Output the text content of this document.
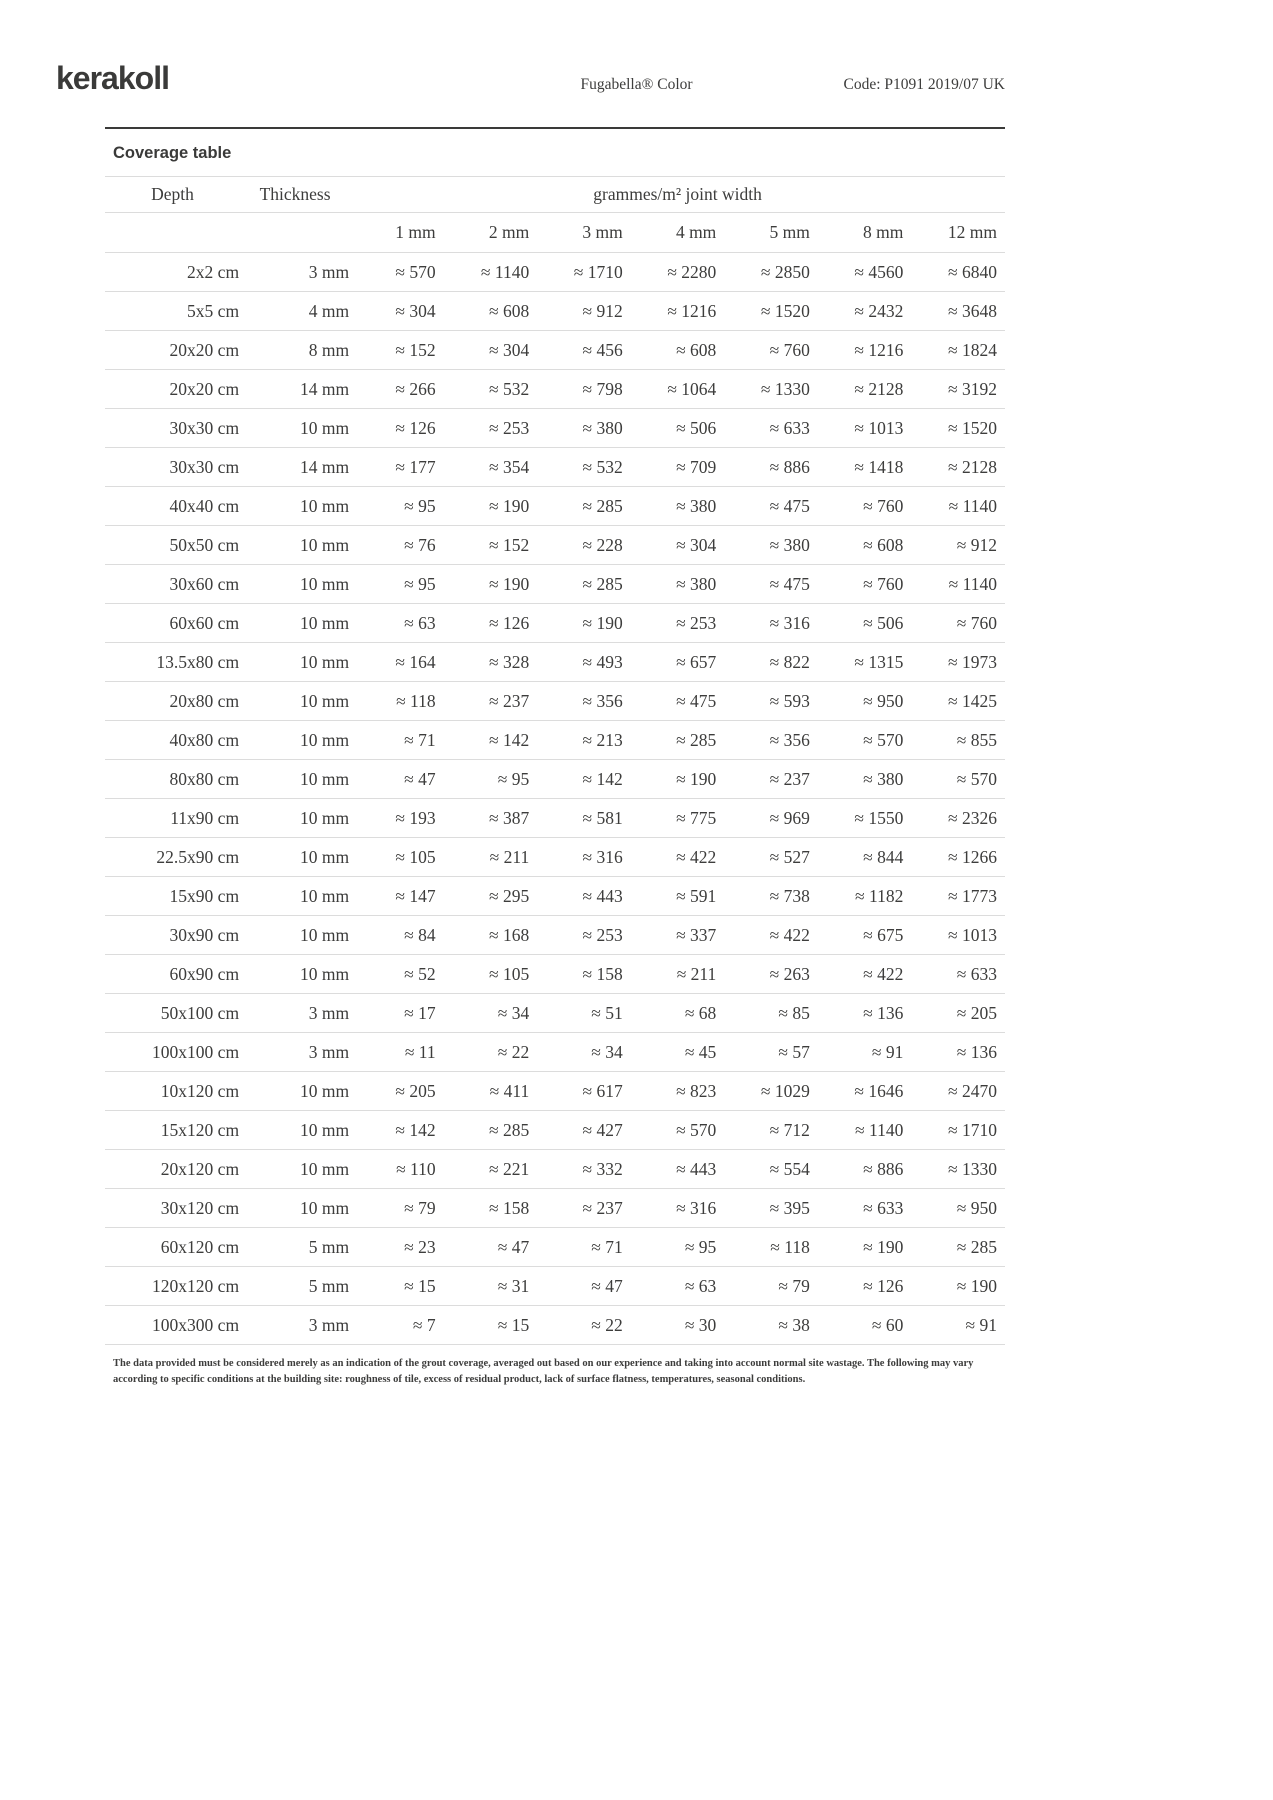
kerakoll	Fugabella® Color	Code: P1091 2019/07 UK
Coverage table
Depth	Thickness	grammes/m² joint width						
		1 mm	2 mm	3 mm	4 mm	5 mm	8 mm	12 mm
2x2 cm	3 mm	≈ 570	≈ 1140	≈ 1710	≈ 2280	≈ 2850	≈ 4560	≈ 6840
5x5 cm	4 mm	≈ 304	≈ 608	≈ 912	≈ 1216	≈ 1520	≈ 2432	≈ 3648
20x20 cm	8 mm	≈ 152	≈ 304	≈ 456	≈ 608	≈ 760	≈ 1216	≈ 1824
20x20 cm	14 mm	≈ 266	≈ 532	≈ 798	≈ 1064	≈ 1330	≈ 2128	≈ 3192
30x30 cm	10 mm	≈ 126	≈ 253	≈ 380	≈ 506	≈ 633	≈ 1013	≈ 1520
30x30 cm	14 mm	≈ 177	≈ 354	≈ 532	≈ 709	≈ 886	≈ 1418	≈ 2128
40x40 cm	10 mm	≈ 95	≈ 190	≈ 285	≈ 380	≈ 475	≈ 760	≈ 1140
50x50 cm	10 mm	≈ 76	≈ 152	≈ 228	≈ 304	≈ 380	≈ 608	≈ 912
30x60 cm	10 mm	≈ 95	≈ 190	≈ 285	≈ 380	≈ 475	≈ 760	≈ 1140
60x60 cm	10 mm	≈ 63	≈ 126	≈ 190	≈ 253	≈ 316	≈ 506	≈ 760
13.5x80 cm	10 mm	≈ 164	≈ 328	≈ 493	≈ 657	≈ 822	≈ 1315	≈ 1973
20x80 cm	10 mm	≈ 118	≈ 237	≈ 356	≈ 475	≈ 593	≈ 950	≈ 1425
40x80 cm	10 mm	≈ 71	≈ 142	≈ 213	≈ 285	≈ 356	≈ 570	≈ 855
80x80 cm	10 mm	≈ 47	≈ 95	≈ 142	≈ 190	≈ 237	≈ 380	≈ 570
11x90 cm	10 mm	≈ 193	≈ 387	≈ 581	≈ 775	≈ 969	≈ 1550	≈ 2326
22.5x90 cm	10 mm	≈ 105	≈ 211	≈ 316	≈ 422	≈ 527	≈ 844	≈ 1266
15x90 cm	10 mm	≈ 147	≈ 295	≈ 443	≈ 591	≈ 738	≈ 1182	≈ 1773
30x90 cm	10 mm	≈ 84	≈ 168	≈ 253	≈ 337	≈ 422	≈ 675	≈ 1013
60x90 cm	10 mm	≈ 52	≈ 105	≈ 158	≈ 211	≈ 263	≈ 422	≈ 633
50x100 cm	3 mm	≈ 17	≈ 34	≈ 51	≈ 68	≈ 85	≈ 136	≈ 205
100x100 cm	3 mm	≈ 11	≈ 22	≈ 34	≈ 45	≈ 57	≈ 91	≈ 136
10x120 cm	10 mm	≈ 205	≈ 411	≈ 617	≈ 823	≈ 1029	≈ 1646	≈ 2470
15x120 cm	10 mm	≈ 142	≈ 285	≈ 427	≈ 570	≈ 712	≈ 1140	≈ 1710
20x120 cm	10 mm	≈ 110	≈ 221	≈ 332	≈ 443	≈ 554	≈ 886	≈ 1330
30x120 cm	10 mm	≈ 79	≈ 158	≈ 237	≈ 316	≈ 395	≈ 633	≈ 950
60x120 cm	5 mm	≈ 23	≈ 47	≈ 71	≈ 95	≈ 118	≈ 190	≈ 285
120x120 cm	5 mm	≈ 15	≈ 31	≈ 47	≈ 63	≈ 79	≈ 126	≈ 190
100x300 cm	3 mm	≈ 7	≈ 15	≈ 22	≈ 30	≈ 38	≈ 60	≈ 91
The data provided must be considered merely as an indication of the grout coverage, averaged out based on our experience and taking into account normal site wastage. The following may vary according to specific conditions at the building site: roughness of tile, excess of residual product, lack of surface flatness, temperatures, seasonal conditions.
